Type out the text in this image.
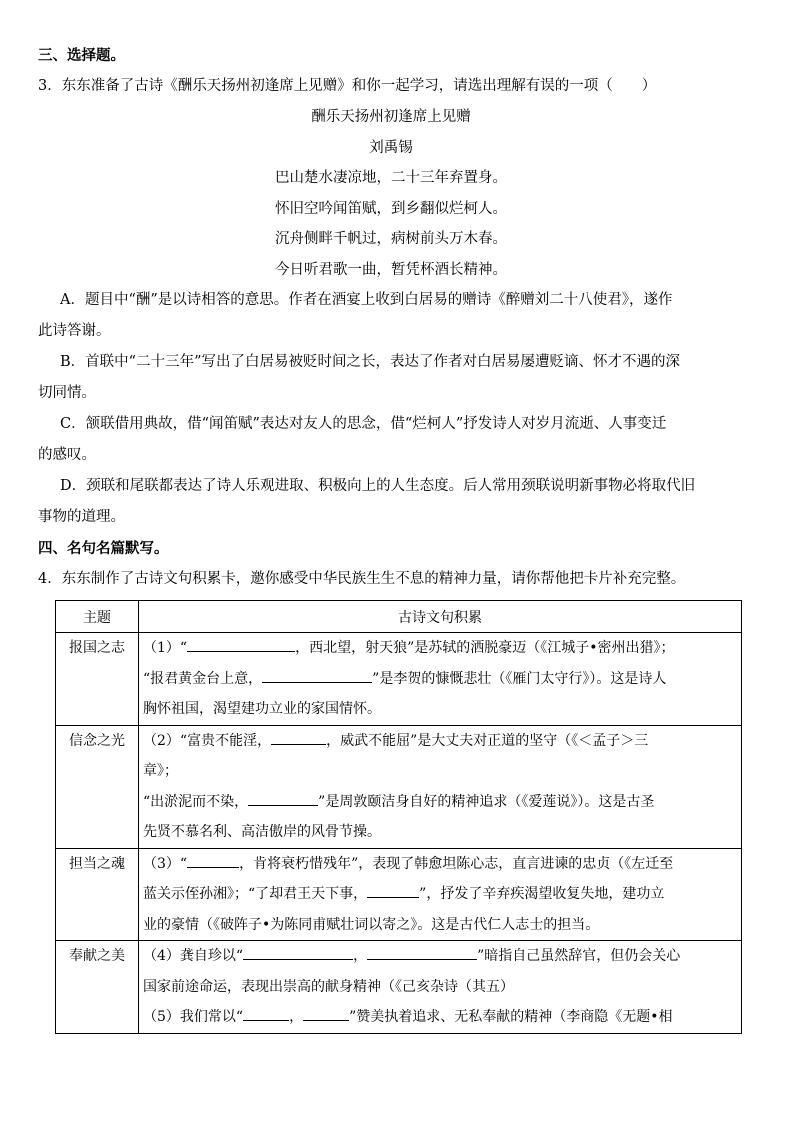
三、选择题。
3．东东准备了古诗《酬乐天扬州初逢席上见赠》和你一起学习，请选出理解有误的一项（　　）
酬乐天扬州初逢席上见赠
刘禹锡
巴山楚水凄凉地，二十三年弃置身。
怀旧空吟闻笛赋，到乡翻似烂柯人。
沉舟侧畔千帆过，病树前头万木春。
今日听君歌一曲，暂凭杯酒长精神。
A．题目中“酬”是以诗相答的意思。作者在酒宴上收到白居易的赠诗《醉赠刘二十八使君》，遂作
此诗答谢。
B．首联中“二十三年”写出了白居易被贬时间之长，表达了作者对白居易屡遭贬谪、怀才不遇的深
切同情。
C．颔联借用典故，借“闻笛赋”表达对友人的思念，借“烂柯人”抒发诗人对岁月流逝、人事变迁
的感叹。
D．颈联和尾联都表达了诗人乐观进取、积极向上的人生态度。后人常用颈联说明新事物必将取代旧
事物的道理。
四、名句名篇默写。
4．东东制作了古诗文句积累卡，邀你感受中华民族生生不息的精神力量，请你帮他把卡片补充完整。
主题	古诗文句积累
报国之志	（1）“ ，西北望，射天狼”是苏轼的洒脱豪迈（《江城子•密州出猎》；
“报君黄金台上意， ”是李贺的慷慨悲壮（《雁门太守行》）。这是诗人
胸怀祖国，渴望建功立业的家国情怀。

信念之光	（2）“富贵不能淫， ，威武不能屈”是大丈夫对正道的坚守（《＜孟子＞三
章》；
“出淤泥而不染， ”是周敦颐洁身自好的精神追求（《爱莲说》）。这是古圣
先贤不慕名利、高洁傲岸的风骨节操。

担当之魂	（3）“ ，肯将衰朽惜残年”，表现了韩愈坦陈心志，直言进谏的忠贞（《左迁至
蓝关示侄孙湘》；“了却君王天下事， ”，抒发了辛弃疾渴望收复失地，建功立
业的豪情（《破阵子•为陈同甫赋壮词以寄之》。这是古代仁人志士的担当。

奉献之美	（4）龚自珍以“ ， ”暗指自己虽然辞官，但仍会关心
国家前途命运，表现出崇高的献身精神（《己亥杂诗（其五）
（5）我们常以“ ， ”赞美执着追求、无私奉献的精神（李商隐《无题•相
